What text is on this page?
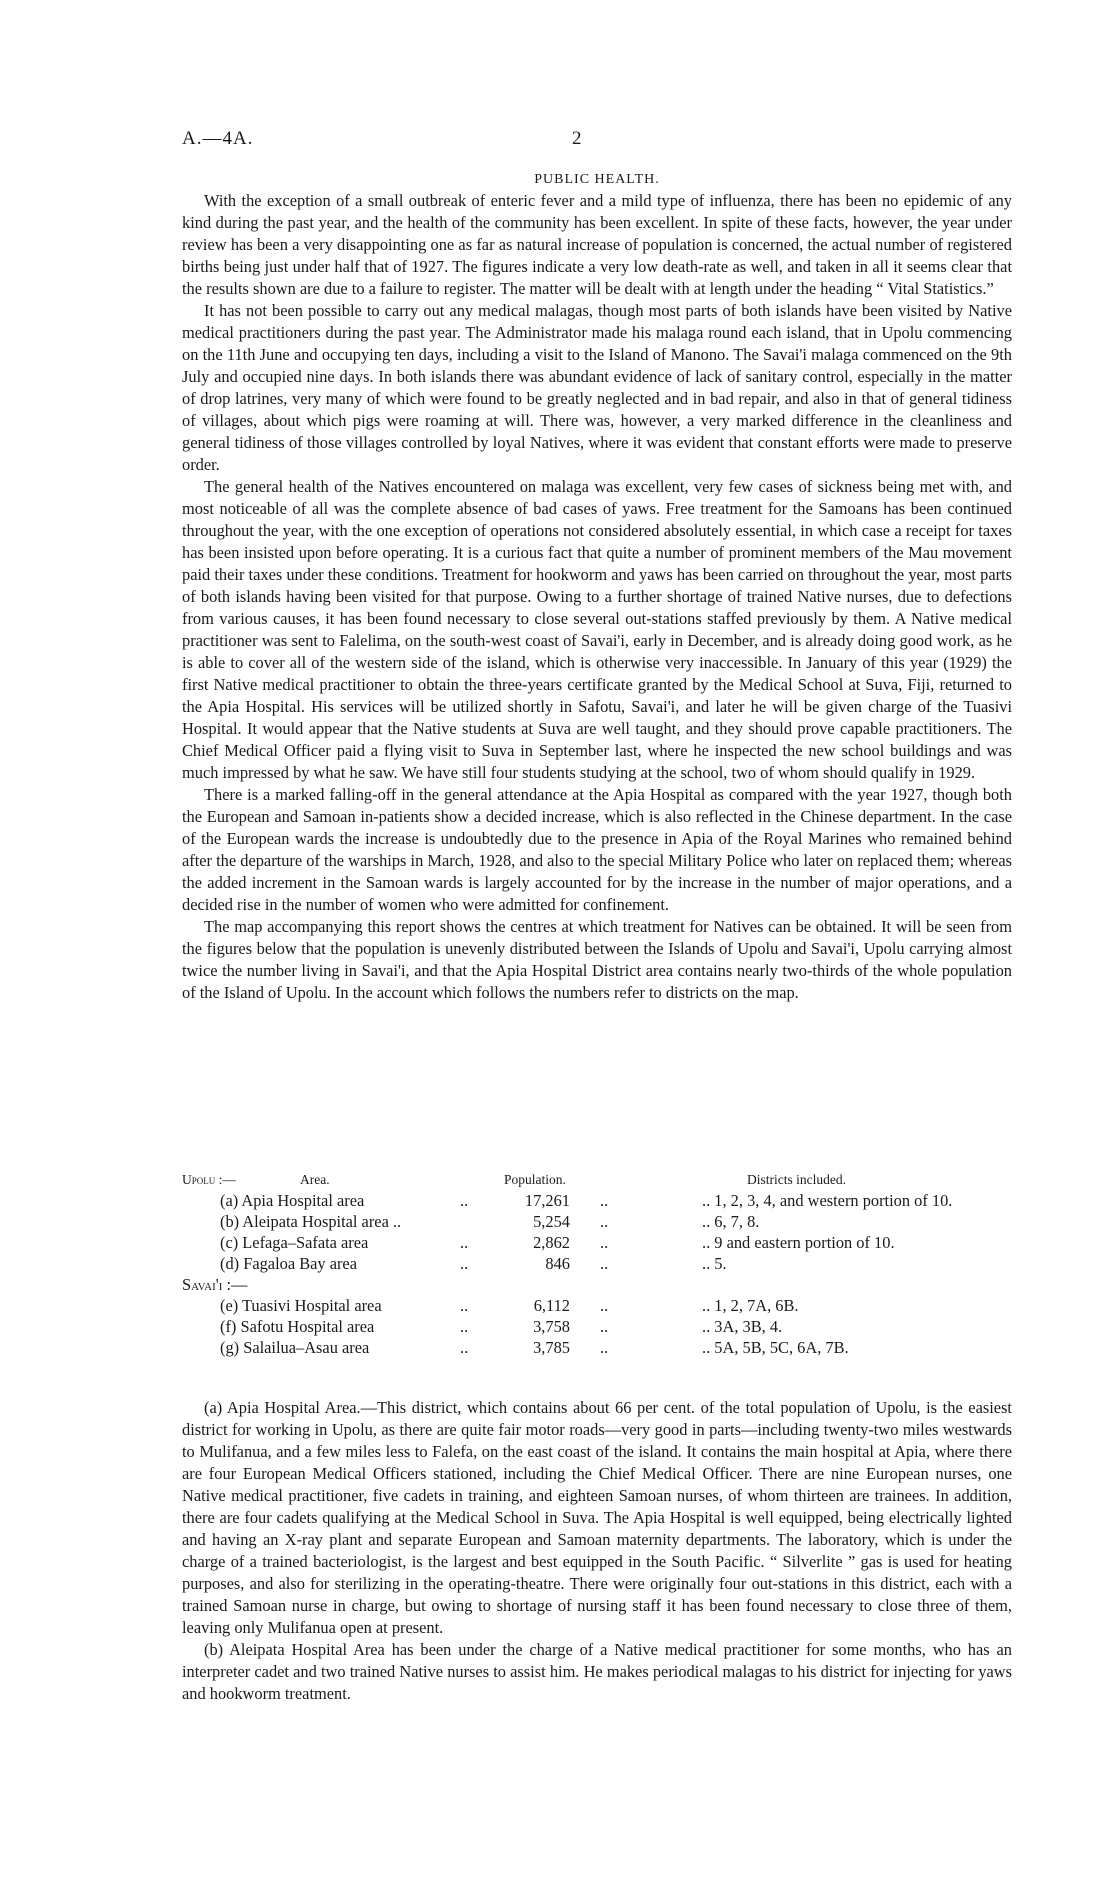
A.—4A.	2
PUBLIC HEALTH.

With the exception of a small outbreak of enteric fever and a mild type of influenza, there has been no epidemic of any kind during the past year, and the health of the community has been excellent. In spite of these facts, however, the year under review has been a very disappointing one as far as natural increase of population is concerned, the actual number of registered births being just under half that of 1927. The figures indicate a very low death-rate as well, and taken in all it seems clear that the results shown are due to a failure to register. The matter will be dealt with at length under the heading “ Vital Statistics.”

It has not been possible to carry out any medical malagas, though most parts of both islands have been visited by Native medical practitioners during the past year. The Administrator made his malaga round each island, that in Upolu commencing on the 11th June and occupying ten days, including a visit to the Island of Manono. The Savai'i malaga commenced on the 9th July and occupied nine days. In both islands there was abundant evidence of lack of sanitary control, especially in the matter of drop latrines, very many of which were found to be greatly neglected and in bad repair, and also in that of general tidiness of villages, about which pigs were roaming at will. There was, however, a very marked difference in the cleanliness and general tidiness of those villages controlled by loyal Natives, where it was evident that constant efforts were made to preserve order.

The general health of the Natives encountered on malaga was excellent, very few cases of sickness being met with, and most noticeable of all was the complete absence of bad cases of yaws. Free treatment for the Samoans has been continued throughout the year, with the one exception of operations not considered absolutely essential, in which case a receipt for taxes has been insisted upon before operating. It is a curious fact that quite a number of prominent members of the Mau movement paid their taxes under these conditions. Treatment for hookworm and yaws has been carried on throughout the year, most parts of both islands having been visited for that purpose. Owing to a further shortage of trained Native nurses, due to defections from various causes, it has been found necessary to close several out-stations staffed previously by them. A Native medical practitioner was sent to Falelima, on the south-west coast of Savai'i, early in December, and is already doing good work, as he is able to cover all of the western side of the island, which is otherwise very inaccessible. In January of this year (1929) the first Native medical practitioner to obtain the three-years certificate granted by the Medical School at Suva, Fiji, returned to the Apia Hospital. His services will be utilized shortly in Safotu, Savai'i, and later he will be given charge of the Tuasivi Hospital. It would appear that the Native students at Suva are well taught, and they should prove capable practitioners. The Chief Medical Officer paid a flying visit to Suva in September last, where he inspected the new school buildings and was much impressed by what he saw. We have still four students studying at the school, two of whom should qualify in 1929.

There is a marked falling-off in the general attendance at the Apia Hospital as compared with the year 1927, though both the European and Samoan in-patients show a decided increase, which is also reflected in the Chinese department. In the case of the European wards the increase is undoubtedly due to the presence in Apia of the Royal Marines who remained behind after the departure of the warships in March, 1928, and also to the special Military Police who later on replaced them; whereas the added increment in the Samoan wards is largely accounted for by the increase in the number of major operations, and a decided rise in the number of women who were admitted for confinement.

The map accompanying this report shows the centres at which treatment for Natives can be obtained. It will be seen from the figures below that the population is unevenly distributed between the Islands of Upolu and Savai'i, Upolu carrying almost twice the number living in Savai'i, and that the Apia Hospital District area contains nearly two-thirds of the whole population of the Island of Upolu. In the account which follows the numbers refer to districts on the map.

Upolu :—	Area.	Population.	Districts included.
(a) Apia Hospital area	..	17,261 ..	.. 1, 2, 3, 4, and western portion of 10.
(b) Aleipata Hospital area ..	5,254 ..	.. 6, 7, 8.
(c) Lefaga–Safata area	..	2,862 ..	.. 9 and eastern portion of 10.
(d) Fagaloa Bay area	..	846 ..	.. 5.
Savai'i :—
(e) Tuasivi Hospital area	..	6,112 ..	.. 1, 2, 7A, 6B.
(f) Safotu Hospital area	..	3,758 ..	.. 3A, 3B, 4.
(g) Salailua–Asau area	..	3,785 ..	.. 5A, 5B, 5C, 6A, 7B.

(a) Apia Hospital Area.—This district, which contains about 66 per cent. of the total population of Upolu, is the easiest district for working in Upolu, as there are quite fair motor roads—very good in parts—including twenty-two miles westwards to Mulifanua, and a few miles less to Falefa, on the east coast of the island. It contains the main hospital at Apia, where there are four European Medical Officers stationed, including the Chief Medical Officer. There are nine European nurses, one Native medical practitioner, five cadets in training, and eighteen Samoan nurses, of whom thirteen are trainees. In addition, there are four cadets qualifying at the Medical School in Suva. The Apia Hospital is well equipped, being electrically lighted and having an X-ray plant and separate European and Samoan maternity departments. The laboratory, which is under the charge of a trained bacteriologist, is the largest and best equipped in the South Pacific. “ Silverlite ” gas is used for heating purposes, and also for sterilizing in the operating-theatre. There were originally four out-stations in this district, each with a trained Samoan nurse in charge, but owing to shortage of nursing staff it has been found necessary to close three of them, leaving only Mulifanua open at present.

(b) Aleipata Hospital Area has been under the charge of a Native medical practitioner for some months, who has an interpreter cadet and two trained Native nurses to assist him. He makes periodical malagas to his district for injecting for yaws and hookworm treatment.
